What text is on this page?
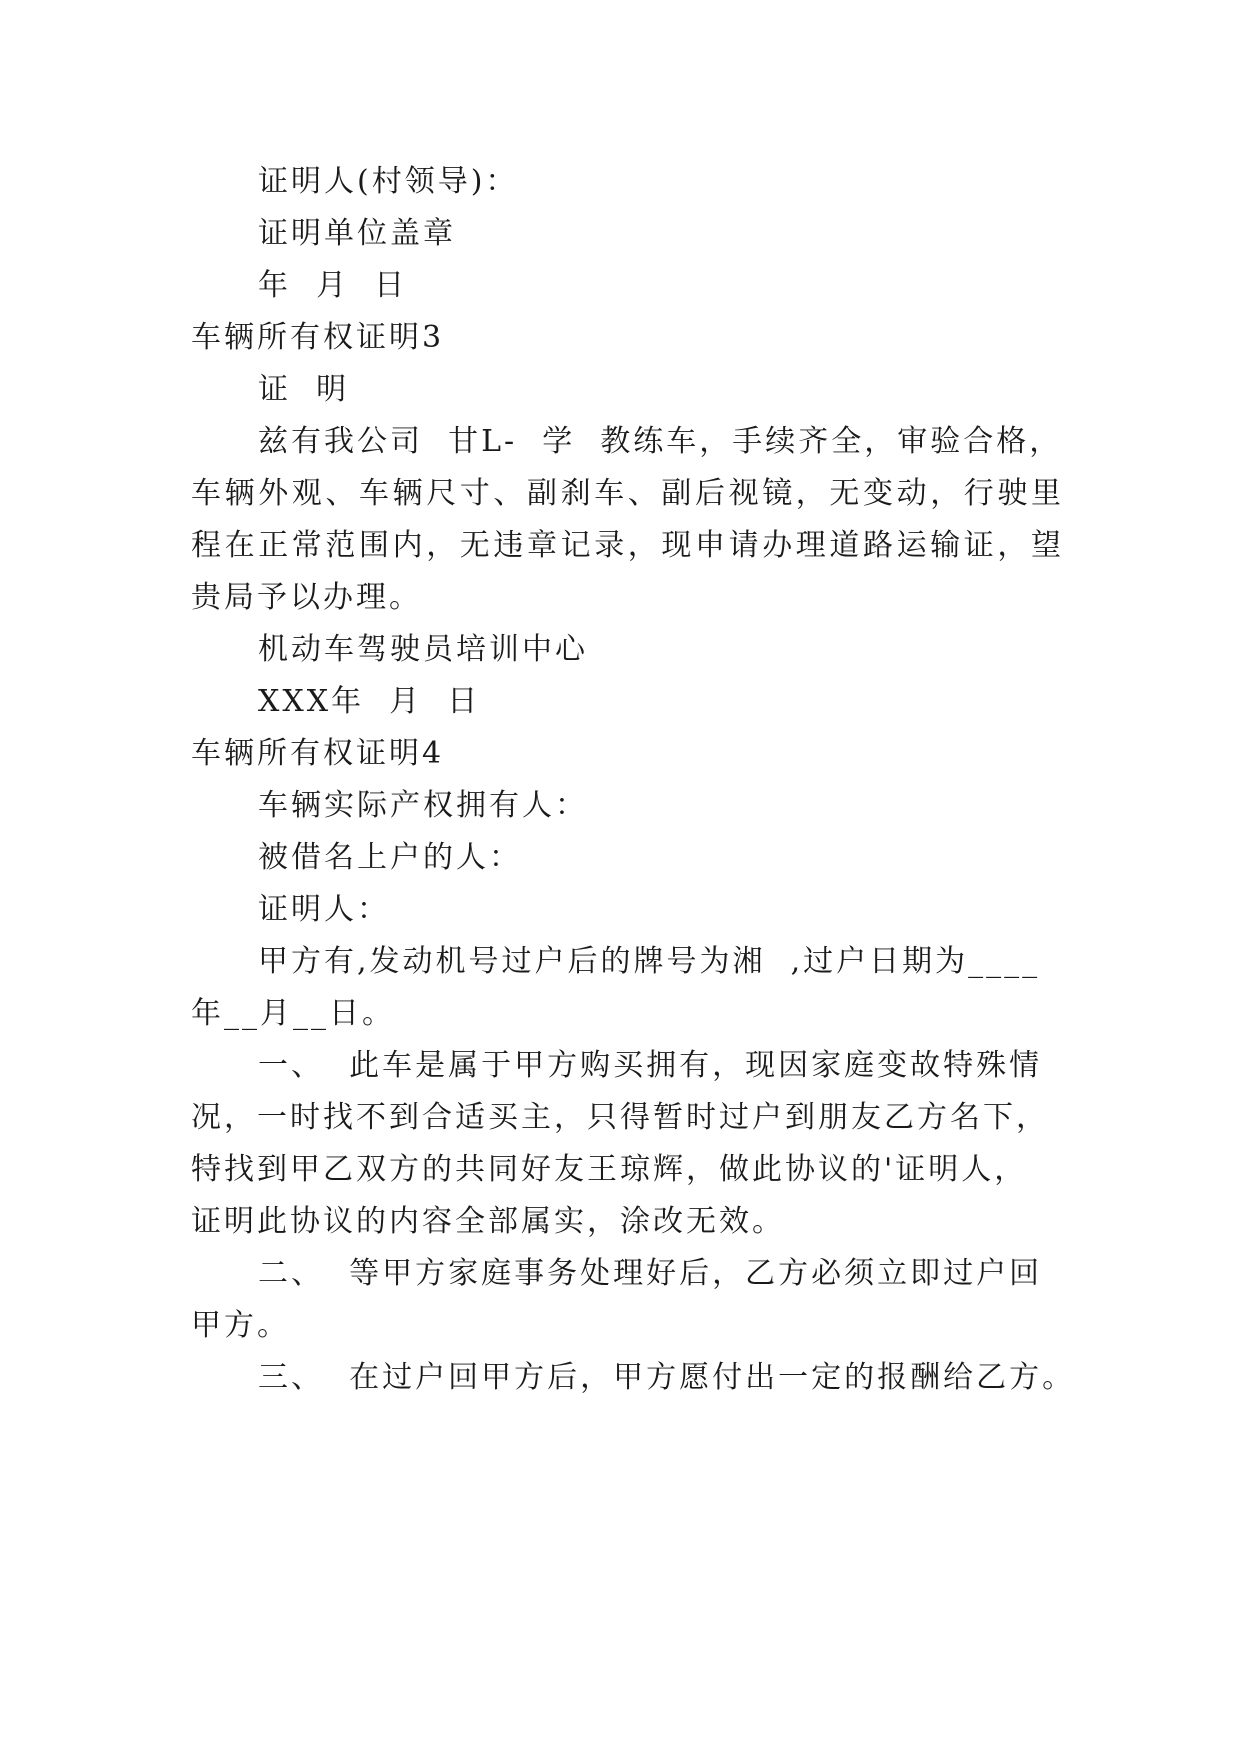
证明人(村领导)：
证明单位盖章
年  月  日
车辆所有权证明3
证  明
兹有我公司  甘L-  学  教练车，手续齐全，审验合格，
车辆外观、车辆尺寸、副刹车、副后视镜，无变动，行驶里
程在正常范围内，无违章记录，现申请办理道路运输证，望
贵局予以办理。
机动车驾驶员培训中心
XXX年  月  日
车辆所有权证明4
车辆实际产权拥有人：
被借名上户的人：
证明人：
甲方有,发动机号过户后的牌号为湘  ,过户日期为____
年__月__日。
一、  此车是属于甲方购买拥有，现因家庭变故特殊情
况，一时找不到合适买主，只得暂时过户到朋友乙方名下，
特找到甲乙双方的共同好友王琼辉，做此协议的'证明人，
证明此协议的内容全部属实，涂改无效。
二、  等甲方家庭事务处理好后，乙方必须立即过户回
甲方。
三、  在过户回甲方后，甲方愿付出一定的报酬给乙方。
